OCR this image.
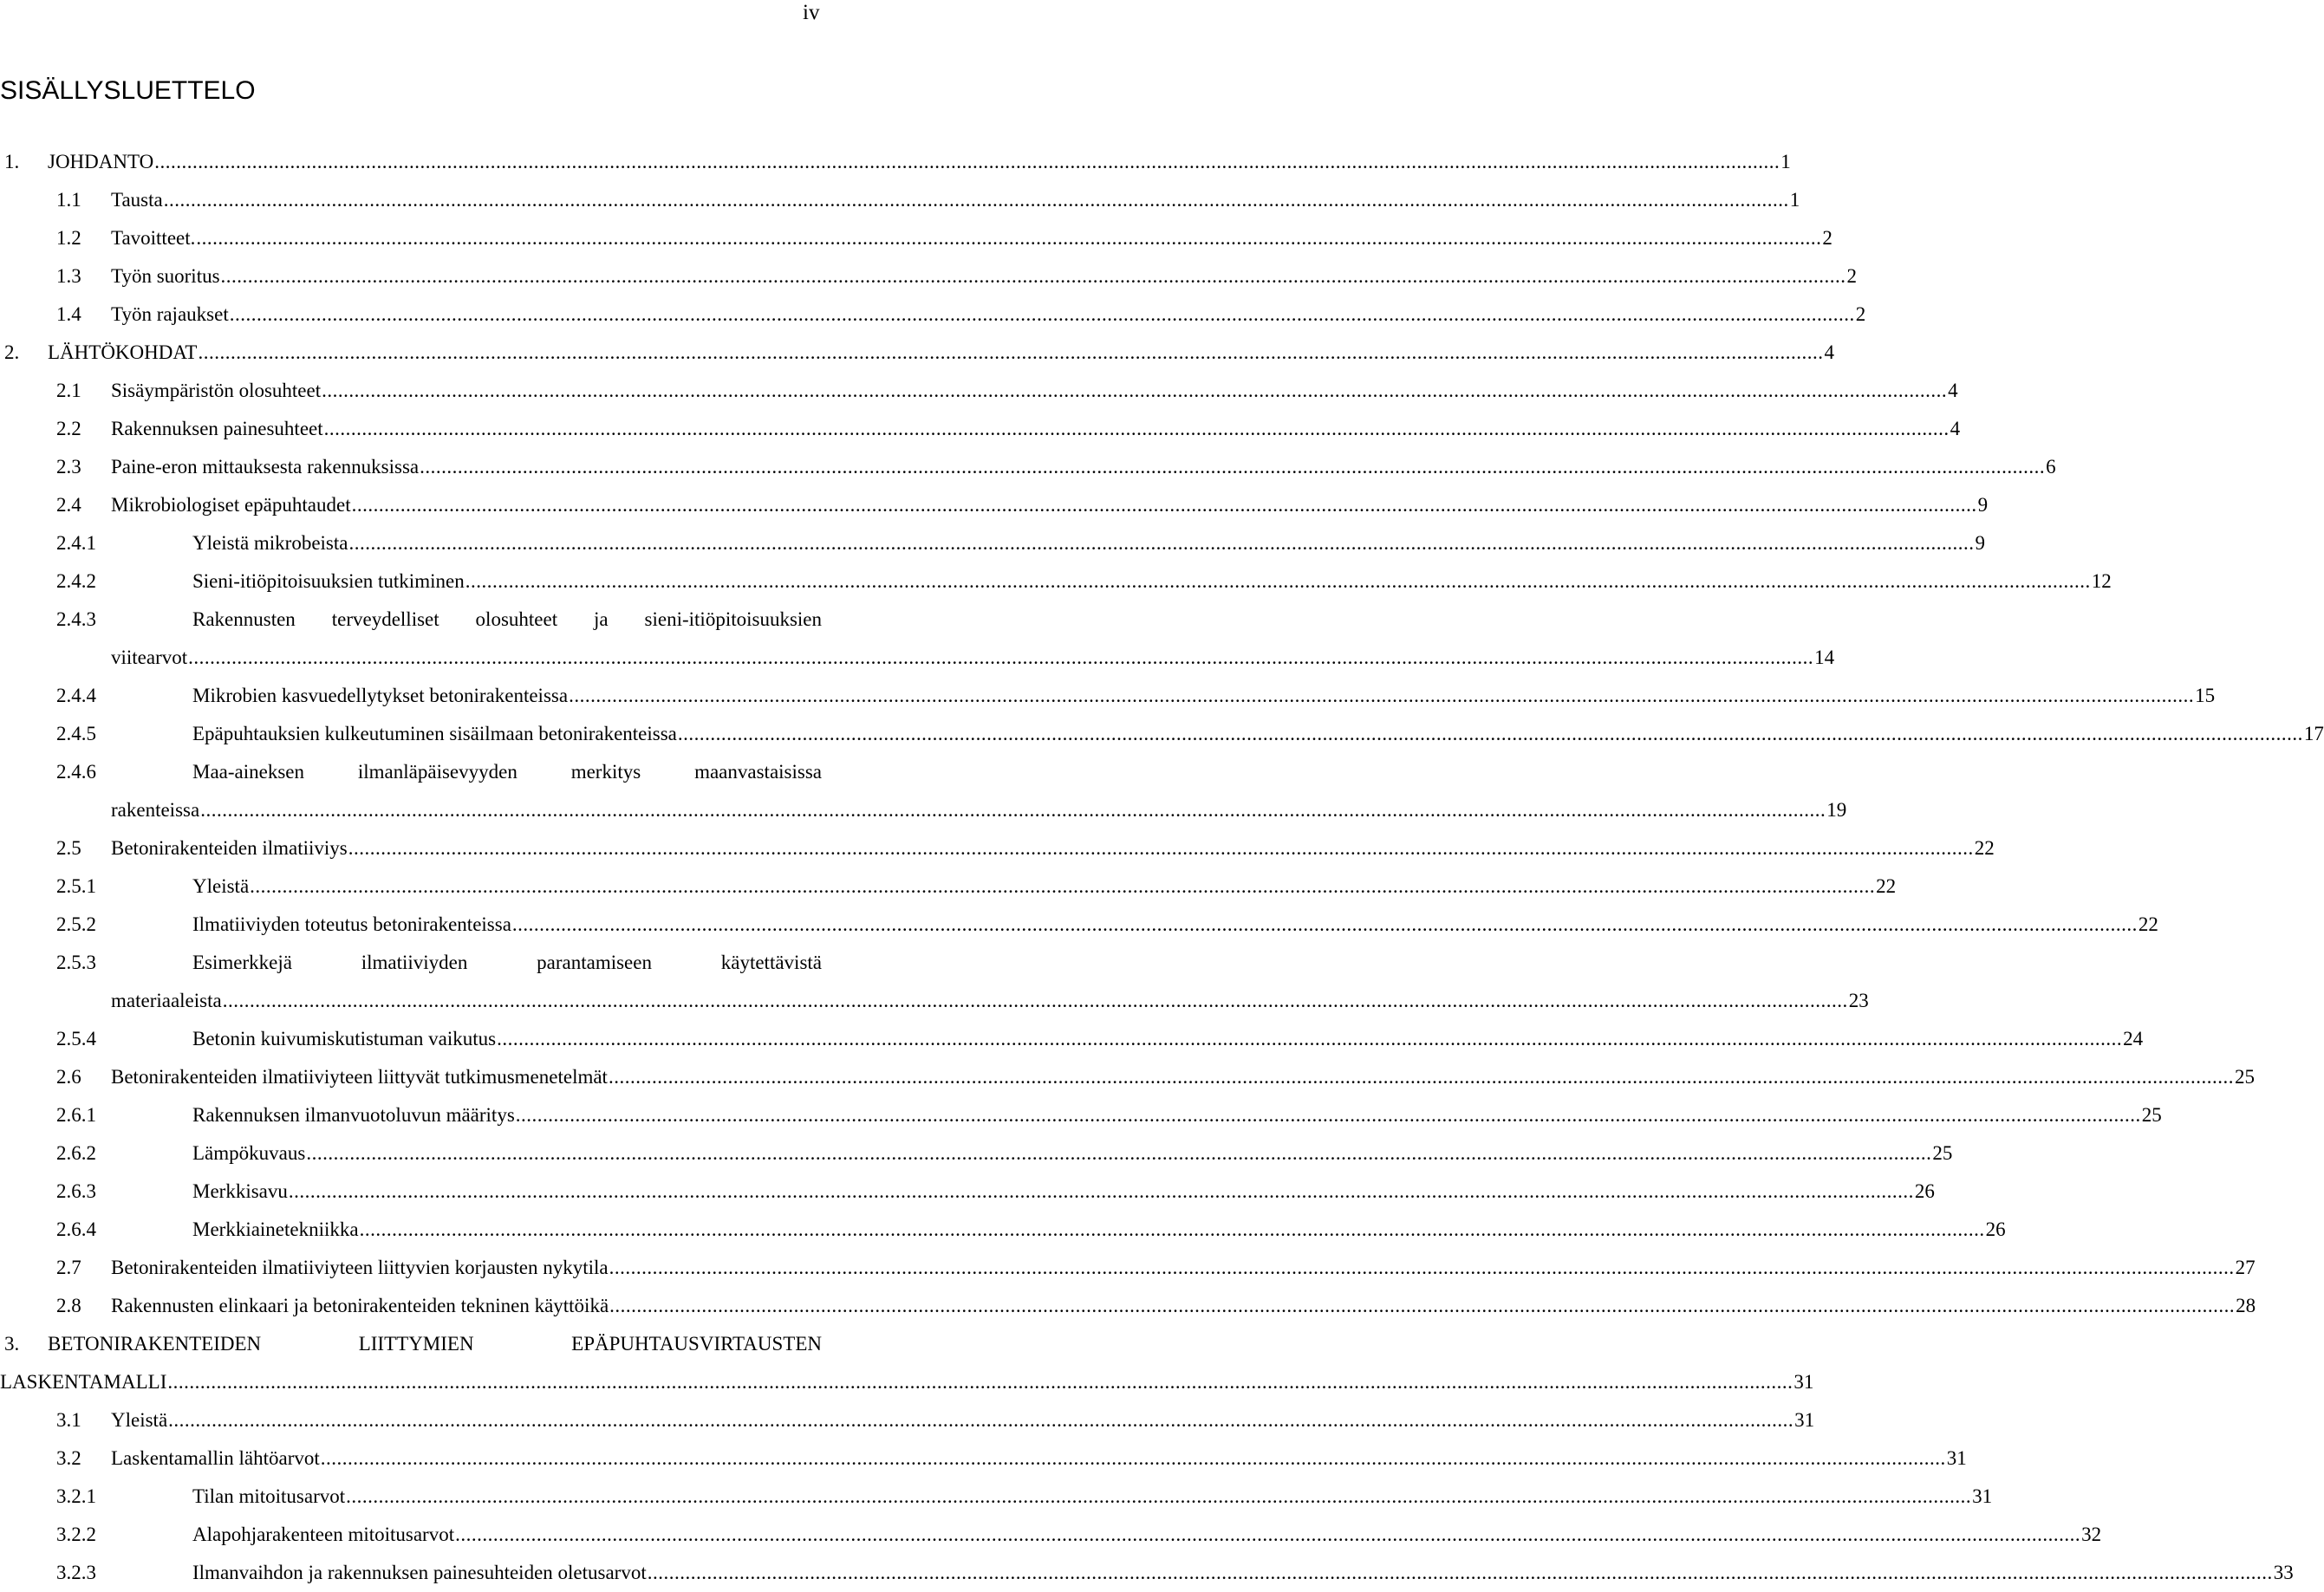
iv
SISÄLLYSLUETTELO
1. JOHDANTO ............................................................................................................................................................................................................................................................................................................ 1
1.1 Tausta ............................................................................................................................................................................................................................................................................................................ 1
1.2 Tavoitteet. ............................................................................................................................................................................................................................................................................................................ 2
1.3 Työn suoritus ............................................................................................................................................................................................................................................................................................................ 2
1.4 Työn rajaukset ............................................................................................................................................................................................................................................................................................................ 2
2. LÄHTÖKOHDAT ............................................................................................................................................................................................................................................................................................................ 4
2.1 Sisäympäristön olosuhteet ............................................................................................................................................................................................................................................................................................................ 4
2.2 Rakennuksen painesuhteet ............................................................................................................................................................................................................................................................................................................ 4
2.3 Paine-eron mittauksesta rakennuksissa ............................................................................................................................................................................................................................................................................................................ 6
2.4 Mikrobiologiset epäpuhtaudet ............................................................................................................................................................................................................................................................................................................ 9
2.4.1	Yleistä mikrobeista ............................................................................................................................................................................................................................................................................................................ 9
2.4.2	Sieni-itiöpitoisuuksien tutkiminen ............................................................................................................................................................................................................................................................................................................ 12
2.4.3	Rakennusten terveydelliset olosuhteet ja sieni-itiöpitoisuuksien
viitearvot ............................................................................................................................................................................................................................................................................................................ 14
2.4.4	Mikrobien kasvuedellytykset betonirakenteissa ............................................................................................................................................................................................................................................................................................................ 15
2.4.5	Epäpuhtauksien kulkeutuminen sisäilmaan betonirakenteissa ............................................................................................................................................................................................................................................................................................................ 17
2.4.6	Maa-aineksen ilmanläpäisevyyden merkitys maanvastaisissa
rakenteissa ............................................................................................................................................................................................................................................................................................................ 19
2.5 Betonirakenteiden ilmatiiviys ............................................................................................................................................................................................................................................................................................................ 22
2.5.1	Yleistä ............................................................................................................................................................................................................................................................................................................ 22
2.5.2	Ilmatiiviyden toteutus betonirakenteissa ............................................................................................................................................................................................................................................................................................................ 22
2.5.3	Esimerkkejä ilmatiiviyden parantamiseen käytettävistä
materiaaleista ............................................................................................................................................................................................................................................................................................................ 23
2.5.4	Betonin kuivumiskutistuman vaikutus ............................................................................................................................................................................................................................................................................................................ 24
2.6 Betonirakenteiden ilmatiiviyteen liittyvät tutkimusmenetelmät ............................................................................................................................................................................................................................................................................................................ 25
2.6.1	Rakennuksen ilmanvuotoluvun määritys ............................................................................................................................................................................................................................................................................................................ 25
2.6.2	Lämpökuvaus ............................................................................................................................................................................................................................................................................................................ 25
2.6.3	Merkkisavu ............................................................................................................................................................................................................................................................................................................ 26
2.6.4	Merkkiainetekniikka ............................................................................................................................................................................................................................................................................................................ 26
2.7 Betonirakenteiden ilmatiiviyteen liittyvien korjausten nykytila ............................................................................................................................................................................................................................................................................................................ 27
2.8 Rakennusten elinkaari ja betonirakenteiden tekninen käyttöikä ............................................................................................................................................................................................................................................................................................................ 28
3. BETONIRAKENTEIDEN LIITTYMIEN EPÄPUHTAUSVIRTAUSTEN
LASKENTAMALLI ............................................................................................................................................................................................................................................................................................................ 31
3.1 Yleistä ............................................................................................................................................................................................................................................................................................................ 31
3.2 Laskentamallin lähtöarvot ............................................................................................................................................................................................................................................................................................................ 31
3.2.1	Tilan mitoitusarvot ............................................................................................................................................................................................................................................................................................................ 31
3.2.2	Alapohjarakenteen mitoitusarvot ............................................................................................................................................................................................................................................................................................................ 32
3.2.3	Ilmanvaihdon ja rakennuksen painesuhteiden oletusarvot ............................................................................................................................................................................................................................................................................................................ 33
